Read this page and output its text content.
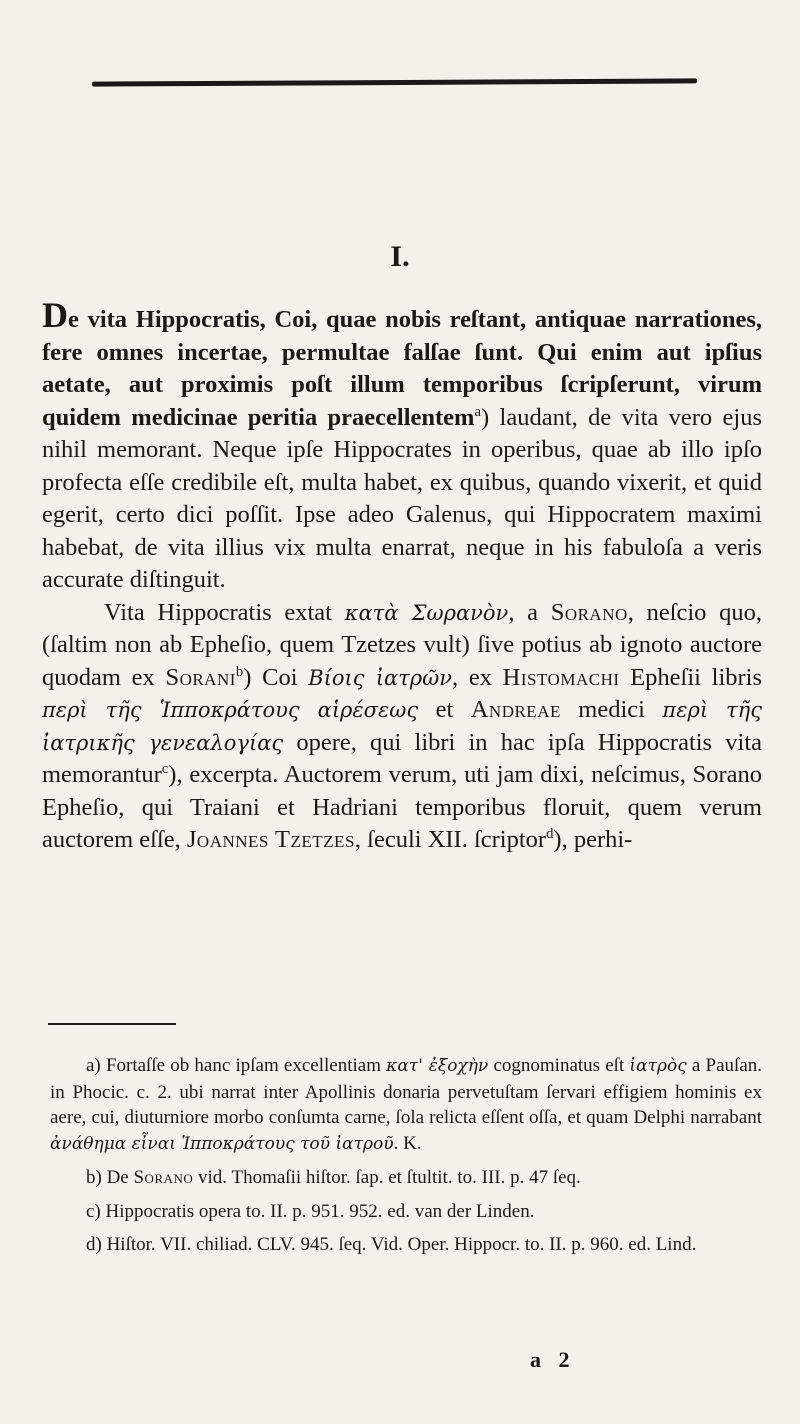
I.

De vita Hippocratis, Coi, quae nobis reſtant, antiquae narrationes, fere omnes incertae, permultae falſae ſunt. Qui enim aut ipſius aetate, aut proximis poſt illum temporibus ſcripſerunt, virum quidem medicinae peritia praecellentem$^a$) laudant, de vita vero ejus nihil memorant. Neque ipſe Hippocrates in operibus, quae ab illo ipſo profecta eſſe credibile eſt, multa habet, ex quibus, quando vixerit, et quid egerit, certo dici poſſit. Ipse adeo Galenus, qui Hippocratem maximi habebat, de vita illius vix multa enarrat, neque in his fabuloſa a veris accurate diſtinguit.

Vita Hippocratis extat κατὰ Σωρανὸν, a Sorano, neſcio quo, (ſaltim non ab Epheſio, quem Tzetzes vult) ſive potius ab ignoto auctore quodam ex Sorani$^b$) Coi Βίοις ἰατρῶν, ex Histomachi Epheſii libris περὶ τῆς Ἱπποκράτους αἱρέσεως et Andreae medici περὶ τῆς ἰατρικῆς γενεαλογίας opere, qui libri in hac ipſa Hippocratis vita memorantur$^c$), excerpta. Auctorem verum, uti jam dixi, neſcimus, Sorano Epheſio, qui Traiani et Hadriani temporibus floruit, quem verum auctorem eſſe, Joannes Tzetzes, ſeculi XII. ſcriptor$^d$), perhi-

a) Fortaſſe ob hanc ipſam excellentiam κατ' ἐξοχὴν cognominatus eſt ἰατρὸς a Pauſan. in Phocic. c. 2. ubi narrat inter Apollinis donaria pervetuſtam ſervari effigiem hominis ex aere, cui, diuturniore morbo conſumta carne, ſola relicta eſſent oſſa, et quam Delphi narrabant ἀνάθημα εἶναι Ἱπποκράτους τοῦ ἰατροῦ. K.

b) De Sorano vid. Thomaſii hiſtor. ſap. et ſtultit. to. III. p. 47 ſeq.

c) Hippocratis opera to. II. p. 951. 952. ed. van der Linden.

d) Hiſtor. VII. chiliad. CLV. 945. ſeq. Vid. Oper. Hippocr. to. II. p. 960. ed. Lind.

a 2
